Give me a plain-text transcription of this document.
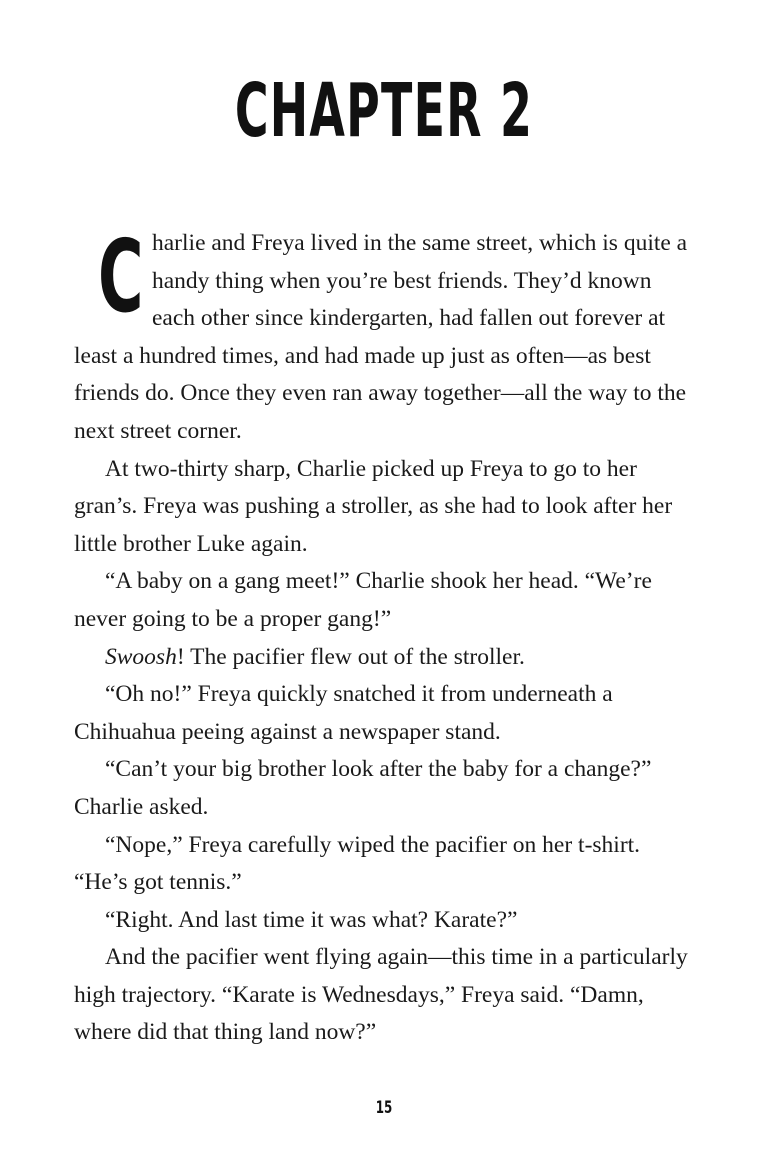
CHAPTER 2

Charlie and Freya lived in the same street, which is quite a handy thing when you’re best friends. They’d known each other since kindergarten, had fallen out forever at least a hundred times, and had made up just as often—as best friends do. Once they even ran away together—all the way to the next street corner.

At two-thirty sharp, Charlie picked up Freya to go to her gran’s. Freya was pushing a stroller, as she had to look after her little brother Luke again.

“A baby on a gang meet!” Charlie shook her head. “We’re never going to be a proper gang!”

Swoosh! The pacifier flew out of the stroller.

“Oh no!” Freya quickly snatched it from underneath a Chihuahua peeing against a newspaper stand.

“Can’t your big brother look after the baby for a change?” Charlie asked.

“Nope,” Freya carefully wiped the pacifier on her t-shirt. “He’s got tennis.”

“Right. And last time it was what? Karate?”

And the pacifier went flying again—this time in a particularly high trajectory. “Karate is Wednesdays,” Freya said. “Damn, where did that thing land now?”

15
